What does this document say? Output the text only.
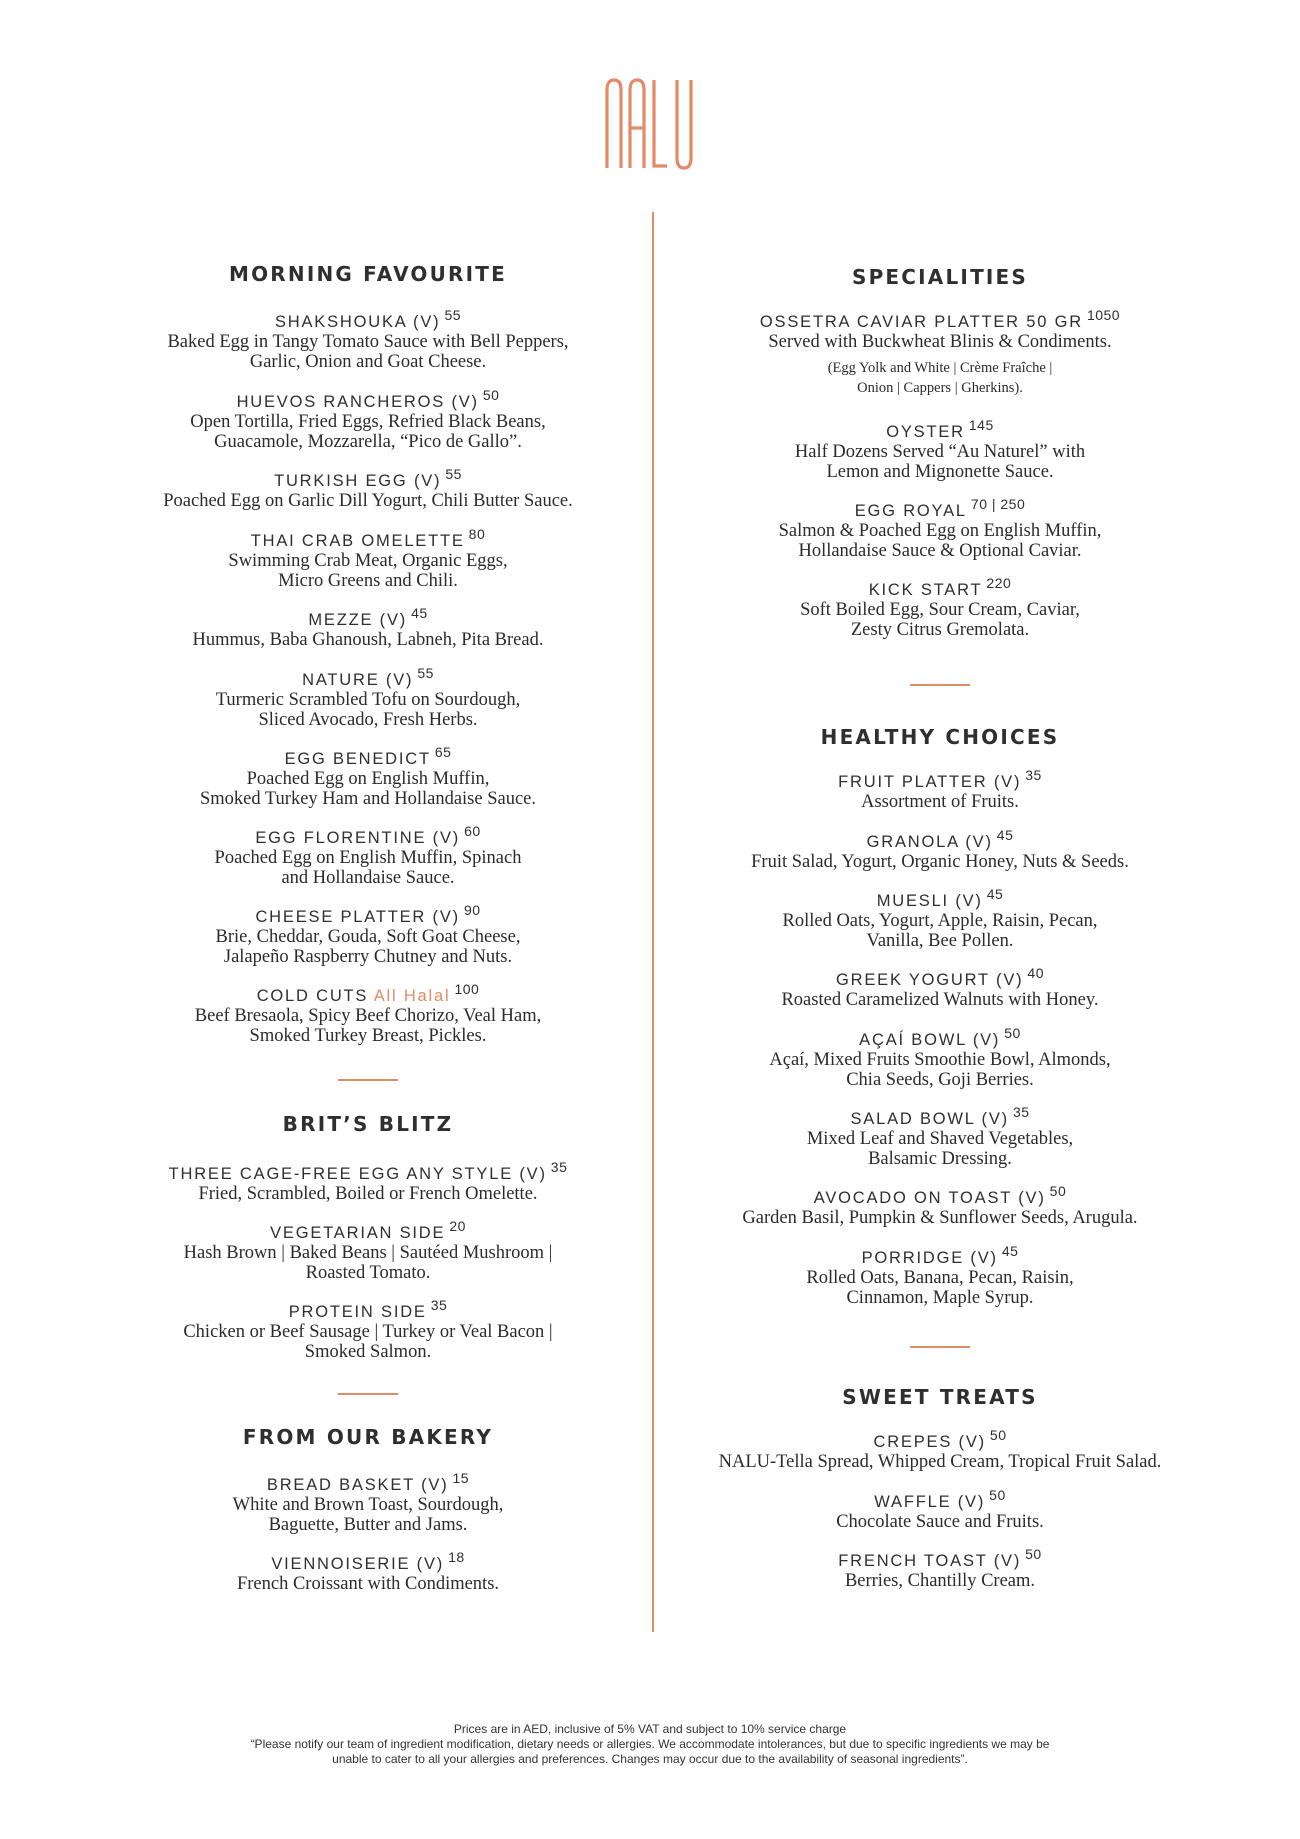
MORNING FAVOURITE
SHAKSHOUKA (V) $^{55}$
Baked Egg in Tangy Tomato Sauce with Bell Peppers,
Garlic, Onion and Goat Cheese.
HUEVOS RANCHEROS (V) $^{50}$
Open Tortilla, Fried Eggs, Refried Black Beans,
Guacamole, Mozzarella, “Pico de Gallo”.
TURKISH EGG (V) $^{55}$
Poached Egg on Garlic Dill Yogurt, Chili Butter Sauce.
THAI CRAB OMELETTE $^{80}$
Swimming Crab Meat, Organic Eggs,
Micro Greens and Chili.
MEZZE (V) $^{45}$
Hummus, Baba Ghanoush, Labneh, Pita Bread.
NATURE (V) $^{55}$
Turmeric Scrambled Tofu on Sourdough,
Sliced Avocado, Fresh Herbs.
EGG BENEDICT $^{65}$
Poached Egg on English Muffin,
Smoked Turkey Ham and Hollandaise Sauce.
EGG FLORENTINE (V) $^{60}$
Poached Egg on English Muffin, Spinach
and Hollandaise Sauce.
CHEESE PLATTER (V) $^{90}$
Brie, Cheddar, Gouda, Soft Goat Cheese,
Jalapeño Raspberry Chutney and Nuts.
COLD CUTS All Halal $^{100}$
Beef Bresaola, Spicy Beef Chorizo, Veal Ham,
Smoked Turkey Breast, Pickles.
BRIT’S BLITZ
THREE CAGE-FREE EGG ANY STYLE (V) $^{35}$
Fried, Scrambled, Boiled or French Omelette.
VEGETARIAN SIDE $^{20}$
Hash Brown | Baked Beans | Sautéed Mushroom |
Roasted Tomato.
PROTEIN SIDE $^{35}$
Chicken or Beef Sausage | Turkey or Veal Bacon |
Smoked Salmon.
FROM OUR BAKERY
BREAD BASKET (V) $^{15}$
White and Brown Toast, Sourdough,
Baguette, Butter and Jams.
VIENNOISERIE (V) $^{18}$
French Croissant with Condiments.
SPECIALITIES
OSSETRA CAVIAR PLATTER 50 GR $^{1050}$
Served with Buckwheat Blinis & Condiments.
(Egg Yolk and White | Crème Fraîche |
Onion | Cappers | Gherkins).
OYSTER $^{145}$
Half Dozens Served “Au Naturel” with
Lemon and Mignonette Sauce.
EGG ROYAL $^{70 | 250}$
Salmon & Poached Egg on English Muffin,
Hollandaise Sauce & Optional Caviar.
KICK START $^{220}$
Soft Boiled Egg, Sour Cream, Caviar,
Zesty Citrus Gremolata.
HEALTHY CHOICES
FRUIT PLATTER (V) $^{35}$
Assortment of Fruits.
GRANOLA (V) $^{45}$
Fruit Salad, Yogurt, Organic Honey, Nuts & Seeds.
MUESLI (V) $^{45}$
Rolled Oats, Yogurt, Apple, Raisin, Pecan,
Vanilla, Bee Pollen.
GREEK YOGURT (V) $^{40}$
Roasted Caramelized Walnuts with Honey.
AÇAÍ BOWL (V) $^{50}$
Açaí, Mixed Fruits Smoothie Bowl, Almonds,
Chia Seeds, Goji Berries.
SALAD BOWL (V) $^{35}$
Mixed Leaf and Shaved Vegetables,
Balsamic Dressing.
AVOCADO ON TOAST (V) $^{50}$
Garden Basil, Pumpkin & Sunflower Seeds, Arugula.
PORRIDGE (V) $^{45}$
Rolled Oats, Banana, Pecan, Raisin,
Cinnamon, Maple Syrup.
SWEET TREATS
CREPES (V) $^{50}$
NALU-Tella Spread, Whipped Cream, Tropical Fruit Salad.
WAFFLE (V) $^{50}$
Chocolate Sauce and Fruits.
FRENCH TOAST (V) $^{50}$
Berries, Chantilly Cream.
Prices are in AED, inclusive of 5% VAT and subject to 10% service charge
“Please notify our team of ingredient modification, dietary needs or allergies. We accommodate intolerances, but due to specific ingredients we may be
unable to cater to all your allergies and preferences. Changes may occur due to the availability of seasonal ingredients”.
